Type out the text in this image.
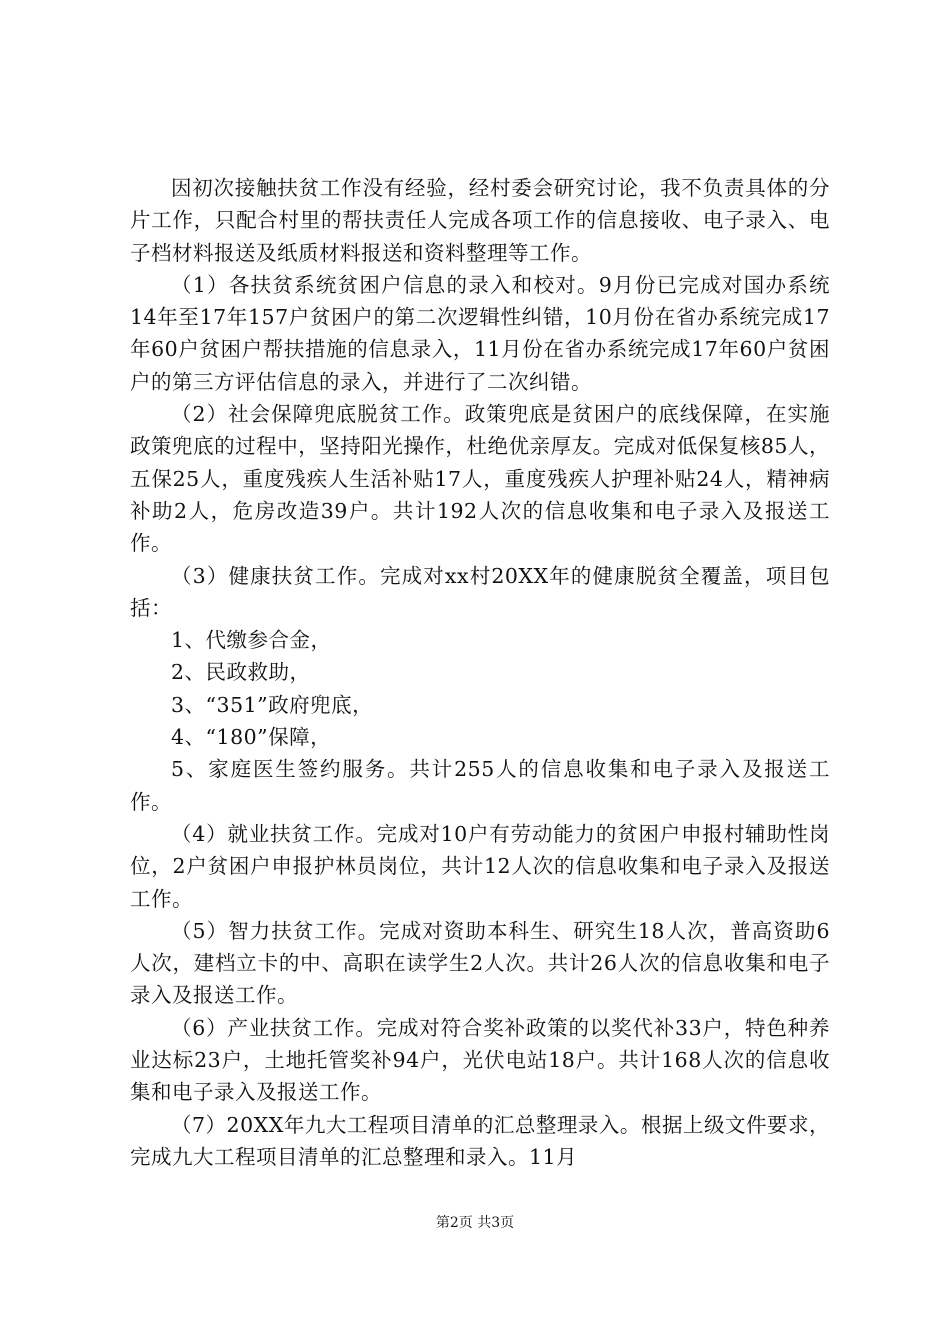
因初次接触扶贫工作没有经验，经村委会研究讨论，我不负责具体的分片工作，只配合村里的帮扶责任人完成各项工作的信息接收、电子录入、电子档材料报送及纸质材料报送和资料整理等工作。

（1）各扶贫系统贫困户信息的录入和校对。9月份已完成对国办系统14年至17年157户贫困户的第二次逻辑性纠错，10月份在省办系统完成17年60户贫困户帮扶措施的信息录入，11月份在省办系统完成17年60户贫困户的第三方评估信息的录入，并进行了二次纠错。

（2）社会保障兜底脱贫工作。政策兜底是贫困户的底线保障，在实施政策兜底的过程中，坚持阳光操作，杜绝优亲厚友。完成对低保复核85人，五保25人，重度残疾人生活补贴17人，重度残疾人护理补贴24人，精神病补助2人，危房改造39户。共计192人次的信息收集和电子录入及报送工作。

（3）健康扶贫工作。完成对xx村20XX年的健康脱贫全覆盖，项目包括：

1、代缴参合金，

2、民政救助，

3、“351”政府兜底，

4、“180”保障，

5、家庭医生签约服务。共计255人的信息收集和电子录入及报送工作。

（4）就业扶贫工作。完成对10户有劳动能力的贫困户申报村辅助性岗位，2户贫困户申报护林员岗位，共计12人次的信息收集和电子录入及报送工作。

（5）智力扶贫工作。完成对资助本科生、研究生18人次，普高资助6人次，建档立卡的中、高职在读学生2人次。共计26人次的信息收集和电子录入及报送工作。

（6）产业扶贫工作。完成对符合奖补政策的以奖代补33户，特色种养业达标23户，土地托管奖补94户，光伏电站18户。共计168人次的信息收集和电子录入及报送工作。

（7）20XX年九大工程项目清单的汇总整理录入。根据上级文件要求，完成九大工程项目清单的汇总整理和录入。11月

第2页 共3页
